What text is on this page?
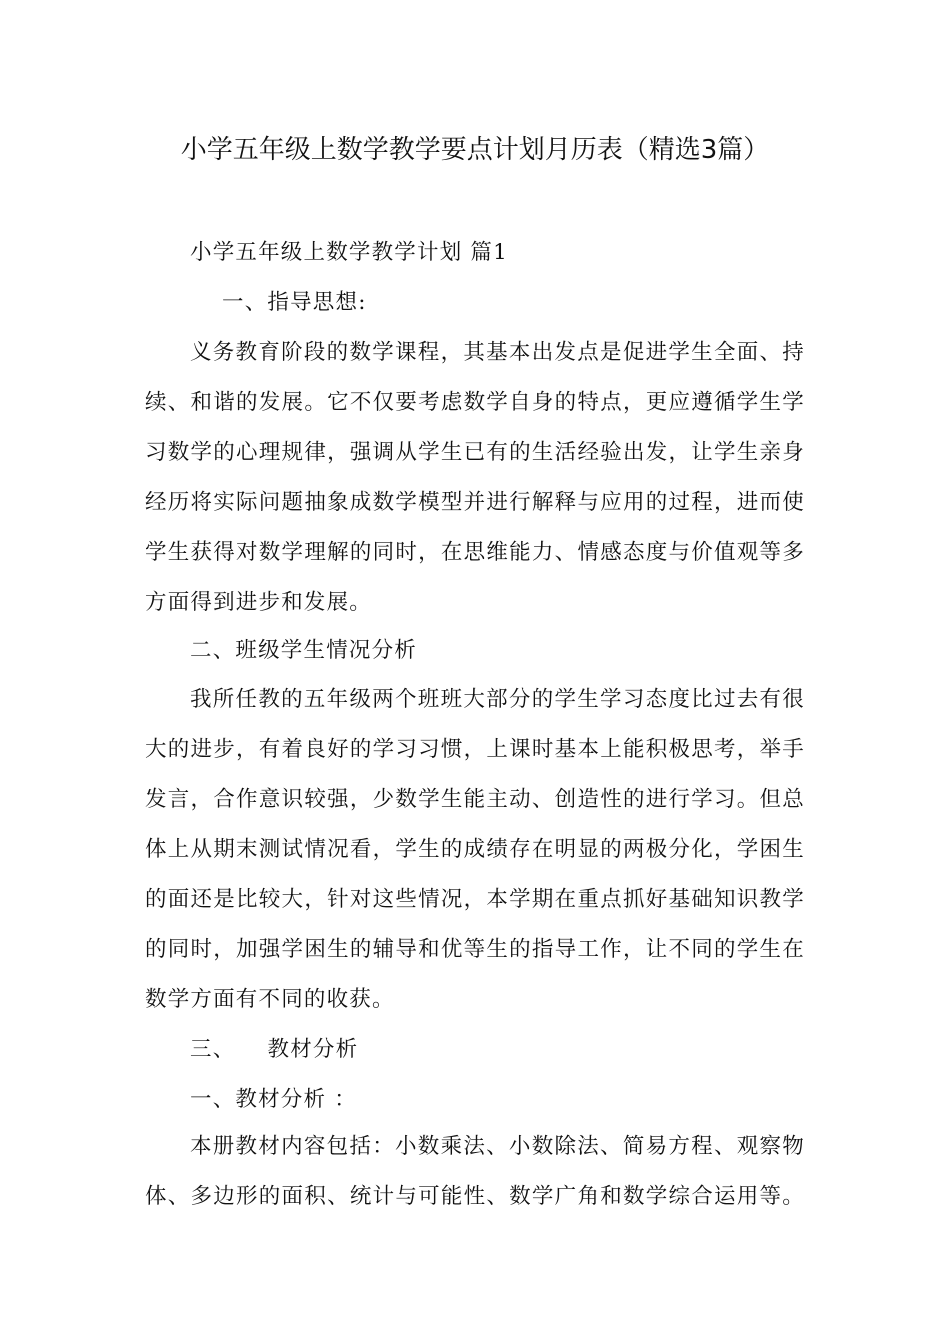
小学五年级上数学教学要点计划月历表（精选3篇）
小学五年级上数学教学计划 篇1
一、指导思想:
义务教育阶段的数学课程，其基本出发点是促进学生全面、持
续、和谐的发展。它不仅要考虑数学自身的特点，更应遵循学生学
习数学的心理规律，强调从学生已有的生活经验出发，让学生亲身
经历将实际问题抽象成数学模型并进行解释与应用的过程，进而使
学生获得对数学理解的同时，在思维能力、情感态度与价值观等多
方面得到进步和发展。
二、班级学生情况分析
我所任教的五年级两个班班大部分的学生学习态度比过去有很
大的进步，有着良好的学习习惯，上课时基本上能积极思考，举手
发言，合作意识较强，少数学生能主动、创造性的进行学习。但总
体上从期末测试情况看，学生的成绩存在明显的两极分化，学困生
的面还是比较大，针对这些情况，本学期在重点抓好基础知识教学
的同时，加强学困生的辅导和优等生的指导工作，让不同的学生在
数学方面有不同的收获。
三、    教材分析
一、教材分析 ：
本册教材内容包括：小数乘法、小数除法、简易方程、观察物
体、多边形的面积、统计与可能性、数学广角和数学综合运用等。
